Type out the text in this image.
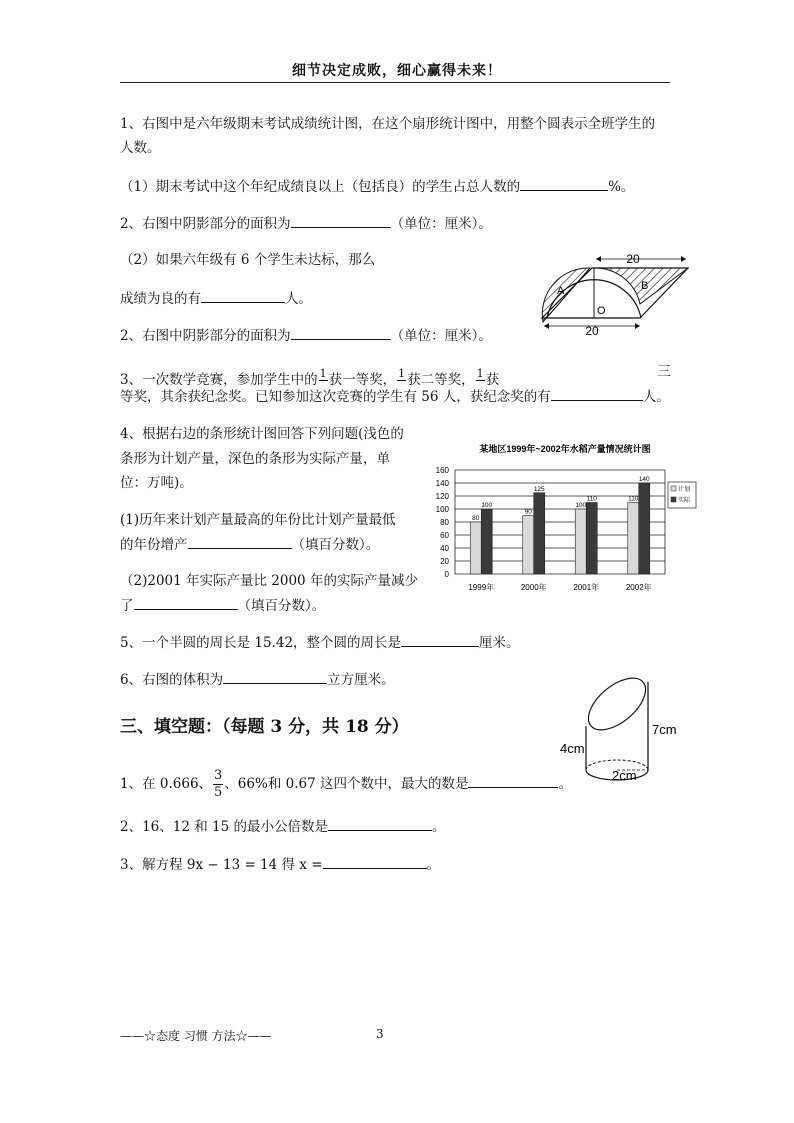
细节决定成败，细心赢得未来！
1、右图中是六年级期末考试成绩统计图，在这个扇形统计图中，用整个圆表示全班学生的
人数。
（1）期末考试中这个年纪成绩良以上（包括良）的学生占总人数的	%。
2、右图中阴影部分的面积为	（单位：厘米）。
（2）如果六年级有 6 个学生未达标，那么
成绩为良的有	人。
2、右图中阴影部分的面积为	（单位：厘米）。
20
20
A	B
O
3、一次数学竞赛，参加学生中的 1
获一等奖， 1
获二等奖， 1
获	三
等奖，其余获纪念奖。已知参加这次竞赛的学生有 56 人，获纪念奖的有	人。
4、根据右边的条形统计图回答下列问题(浅色的
条形为计划产量，深色的条形为实际产量，单
位：万吨)。
(1)历年来计划产量最高的年份比计划产量最低
的年份增产	（填百分数）。
（2)2001 年实际产量比 2000 年的实际产量减少
了	（填百分数）。
某地区1999年~2002年水稻产量情况统计图
0
20
40
60
80
100
120
140
160
80
100
1999年
90
125
2000年
100
110
2001年
110
140
2002年
计划
实际
5、一个半圆的周长是 15.42，整个圆的周长是	厘米。
6、右图的体积为	立方厘米。
7cm
4cm
2cm
三、填空题：（每题 3 分，共 18 分）
1、在 0.666、 $\frac{3}{5}$ 、66%和 0.67 这四个数中，最大的数是	。
2、16、12 和 15 的最小公倍数是	。
3、解方程 9x − 13 = 14 得 x =	。
——☆态度 习惯 方法☆——	3
